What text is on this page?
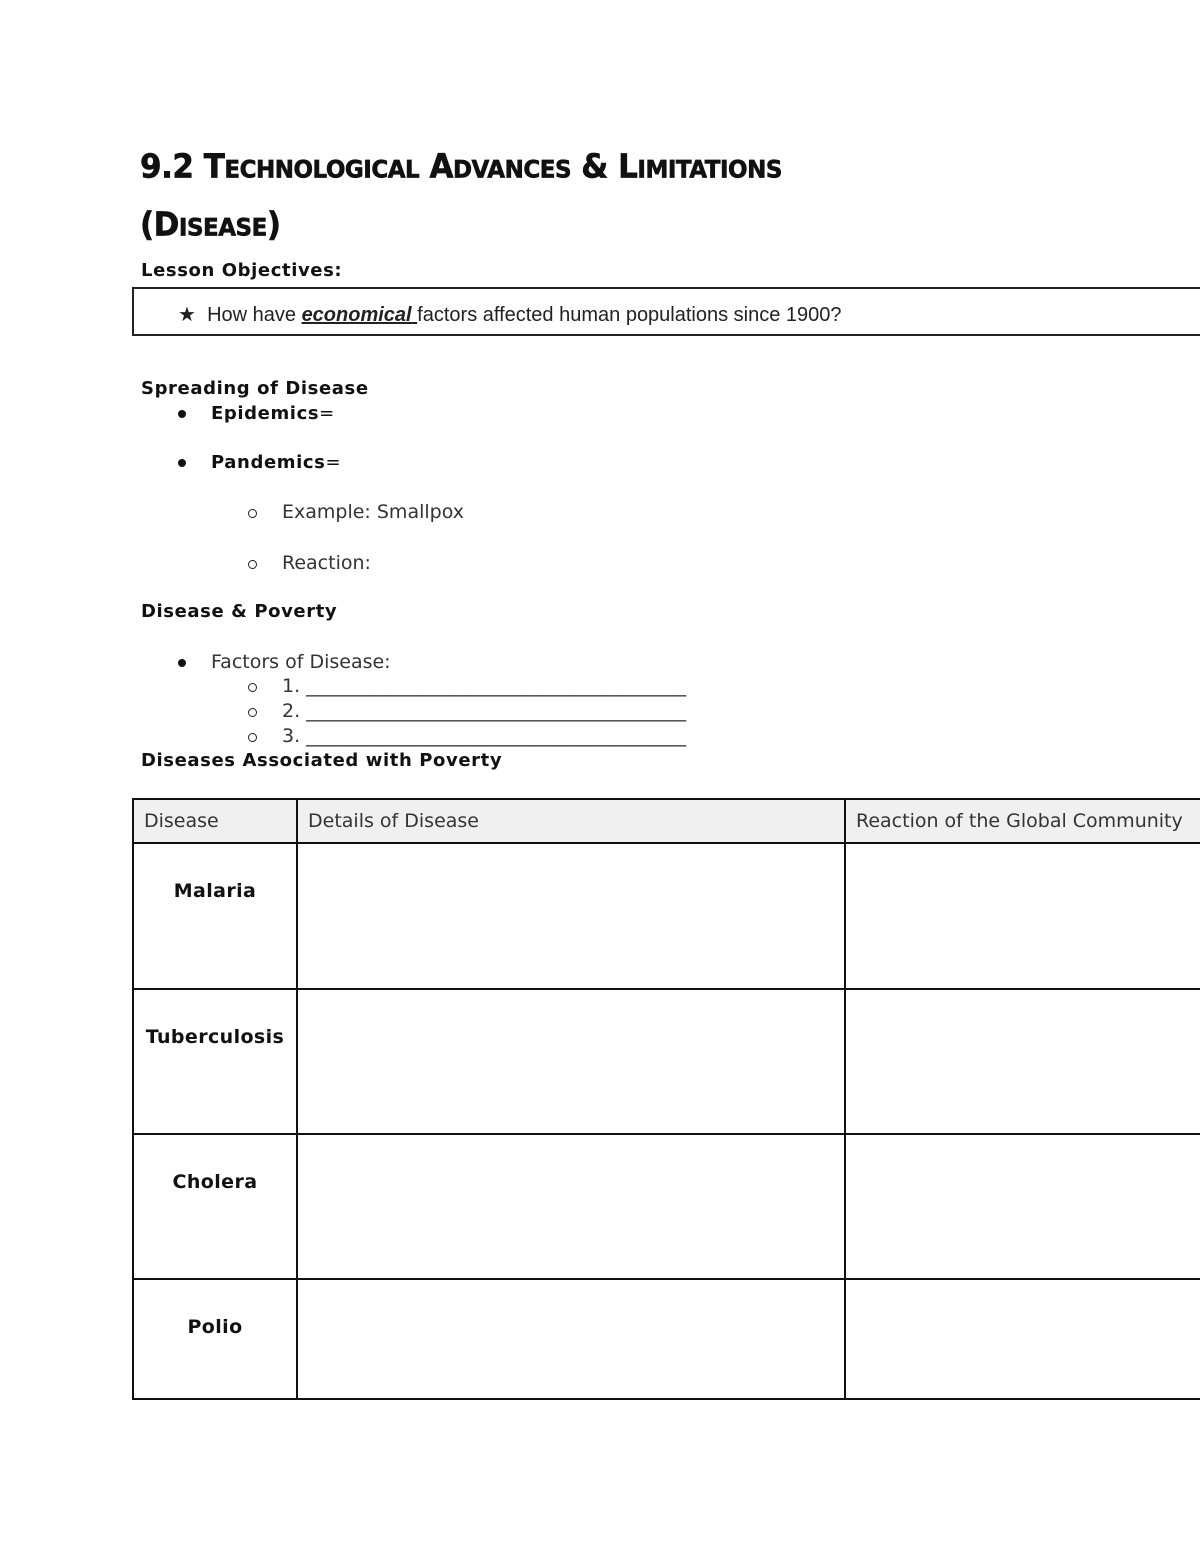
9.2 TECHNOLOGICAL ADVANCES & LIMITATIONS
(DISEASE)
Lesson Objectives:
★ How have economical factors affected human populations since 1900?
Spreading of Disease
Epidemics=
Pandemics=
Example: Smallpox
Reaction:
Disease & Poverty
Factors of Disease:
1. ________________________________________
2. ________________________________________
3. ________________________________________
Diseases Associated with Poverty
Disease	Details of Disease	Reaction of the Global Community
Malaria		
Tuberculosis		
Cholera		
Polio		
